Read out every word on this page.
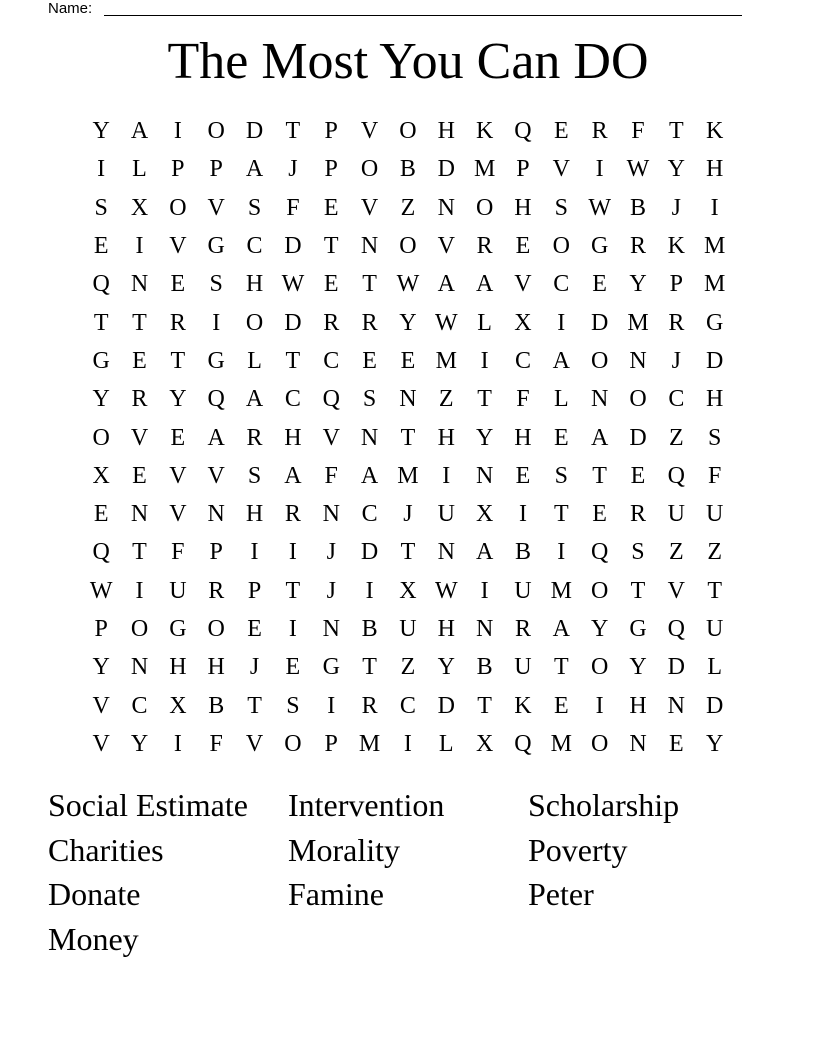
Name:
The Most You Can DO
Y A	I	O D T	P V O H K Q E R F	T K
I	L	P	P A	J	P O B D M P V	I W Y H
S X O V S	F	E V Z N O H S W B	J	I
E	I	V G C D T N O V R E O G R K M
Q N E	S H W E T W A A V C E Y P M
T T R	I	O D R R Y W L X	I	D M R G
G E T G L T C E E M I	C A O N	J	D
Y R Y Q A C Q S N Z T	F	L N O C H
O V E A R H V N T H Y H E A D Z	S
X E V V S A F A M I	N E	S	T E Q F
E N V N H R N C	J	U X	I	T E R U U
Q T	F	P	I	I	J	D T N A B	I	Q S	Z Z
W I	U R P	T	J	I	X W I	U M O T V T
P O G O E	I	N B U H N R A Y G Q U
Y N H H	J	E G T Z Y B U T O Y D L
V C X B T	S	I	R C D T K E	I	H N D
V Y	I	F V O P M I	L X Q M O N E Y
Social Estimate	Intervention	Scholarship
Charities	Morality	Poverty
Donate	Famine	Peter
Money
